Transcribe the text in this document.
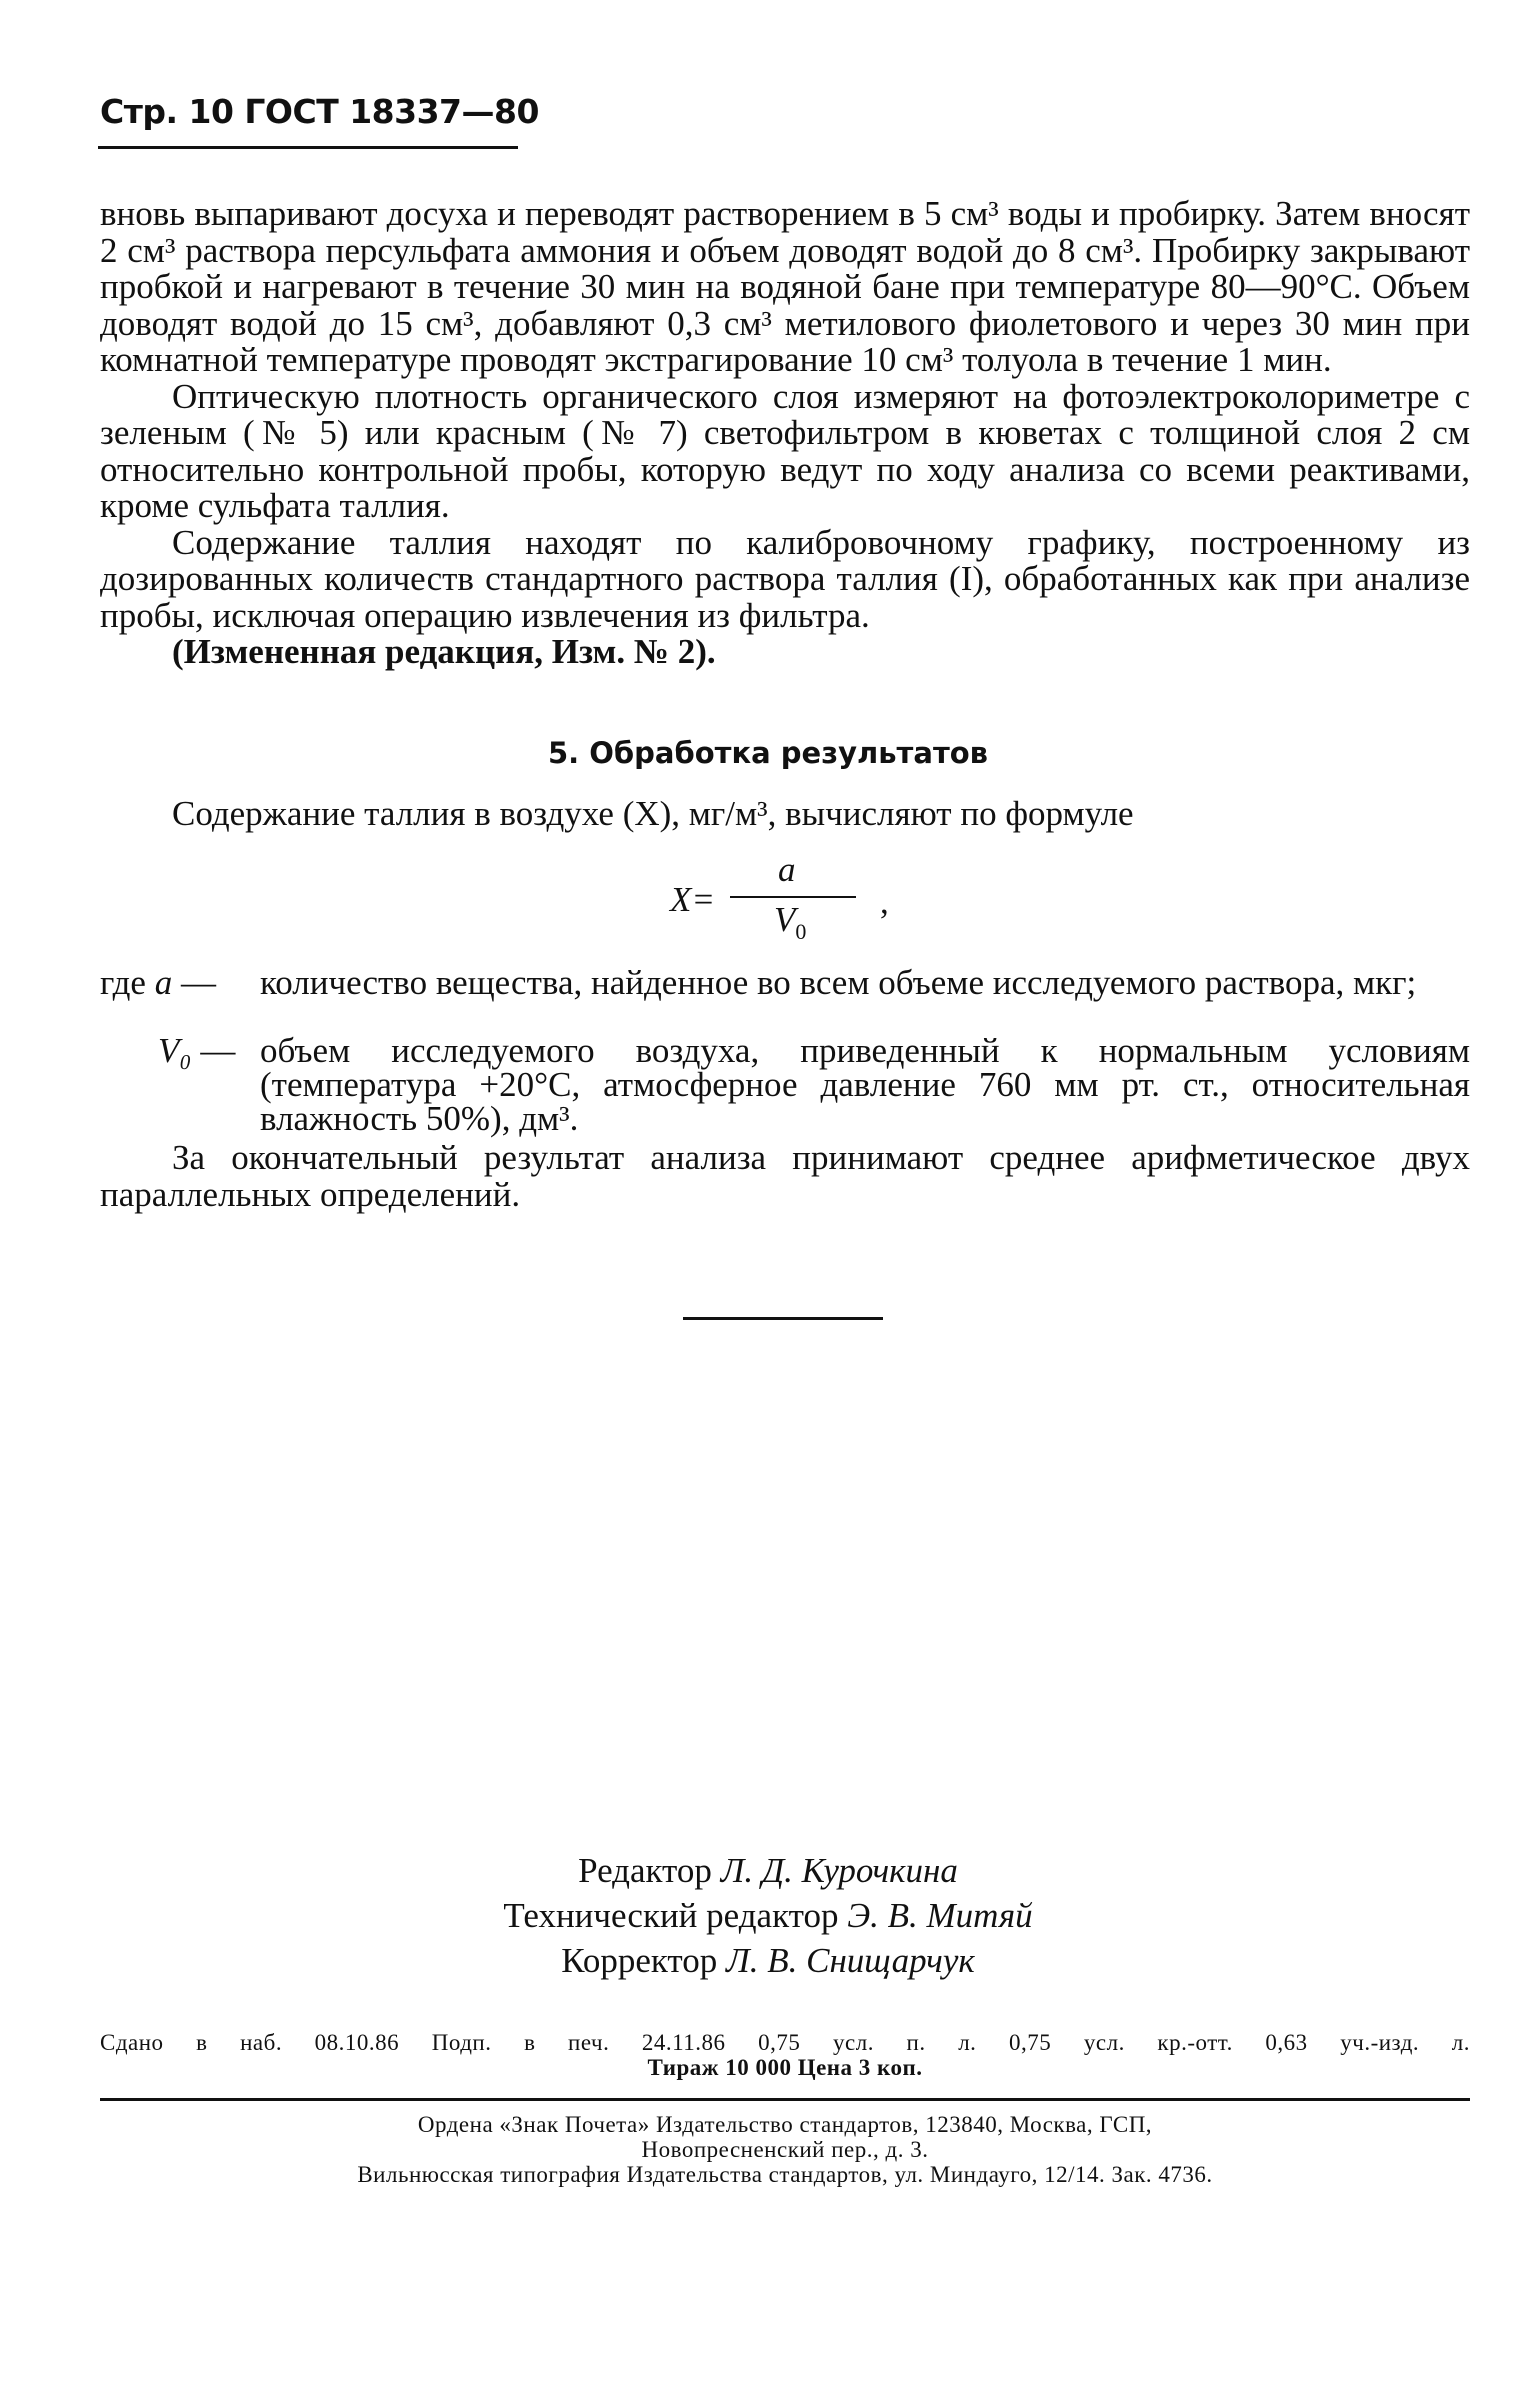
Стр. 10 ГОСТ 18337—80

вновь выпаривают досуха и переводят растворением в 5 см³ воды и пробирку. Затем вносят 2 см³ раствора персульфата аммония и объем доводят водой до 8 см³. Пробирку закрывают пробкой и нагревают в течение 30 мин на водяной бане при температуре 80—90°С. Объем доводят водой до 15 см³, добавляют 0,3 см³ метилового фиолетового и через 30 мин при комнатной температуре проводят экстрагирование 10 см³ толуола в течение 1 мин.

Оптическую плотность органического слоя измеряют на фотоэлектроколориметре с зеленым (№ 5) или красным (№ 7) светофильтром в кюветах с толщиной слоя 2 см относительно контрольной пробы, которую ведут по ходу анализа со всеми реактивами, кроме сульфата таллия.

Содержание таллия находят по калибровочному графику, построенному из дозированных количеств стандартного раствора таллия (I), обработанных как при анализе пробы, исключая операцию извлечения из фильтра.

(Измененная редакция, Изм. № 2).

5. Обработка результатов

Содержание таллия в воздухе (X), мг/м³, вычисляют по формуле

X=
a
$V_0$
,
где a —	количество вещества, найденное во всем объеме исследуемого раствора, мкг;
V₀ — объем исследуемого воздуха, приведенный к нормальным условиям (температура +20°С, атмосферное давление 760 мм рт. ст., относительная влажность 50%), дм³.

За окончательный результат анализа принимают среднее арифметическое двух параллельных определений.

Редактор Л. Д. Курочкина
Технический редактор Э. В. Митяй
Корректор Л. В. Снищарчук

Сдано в наб. 08.10.86 Подп. в печ. 24.11.86 0,75 усл. п. л. 0,75 усл. кр.-отт. 0,63 уч.-изд. л.

Тираж 10 000 Цена 3 коп.

Ордена «Знак Почета» Издательство стандартов, 123840, Москва, ГСП,

Новопресненский пер., д. 3.

Вильнюсская типография Издательства стандартов, ул. Миндауго, 12/14. Зак. 4736.
